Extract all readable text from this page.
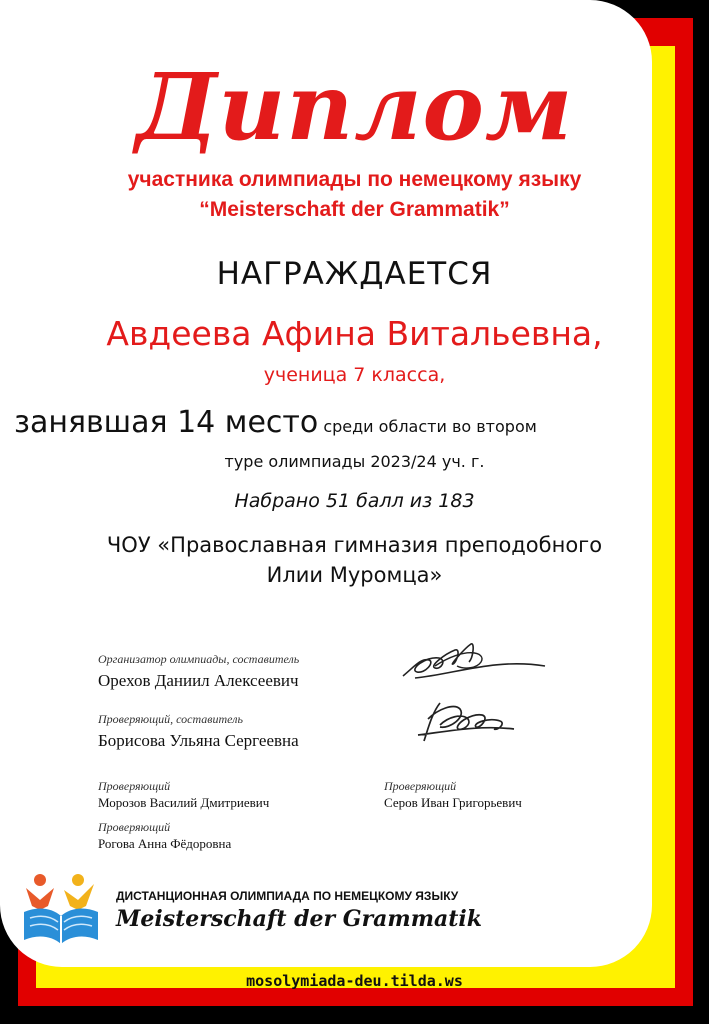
Диплом
участника олимпиады по немецкому языку
“Meisterschaft der Grammatik”
НАГРАЖДАЕТСЯ
Авдеева Афина Витальевна,
ученица 7 класса,
занявшая 14 место среди области во втором
туре олимпиады 2023/24 уч. г.
Набрано 51 балл из 183
ЧОУ «Православная гимназия преподобного
Илии Муромца»
Организатор олимпиады, составитель
Орехов Даниил Алексеевич
Проверяющий, составитель
Борисова Ульяна Сергеевна
Проверяющий
Морозов Василий Дмитриевич
Проверяющий
Серов Иван Григорьевич
Проверяющий
Рогова Анна Фёдоровна
ДИСТАНЦИОННАЯ ОЛИМПИАДА ПО НЕМЕЦКОМУ ЯЗЫКУ
Meisterschaft der Grammatik
mosolymiada-deu.tilda.ws
